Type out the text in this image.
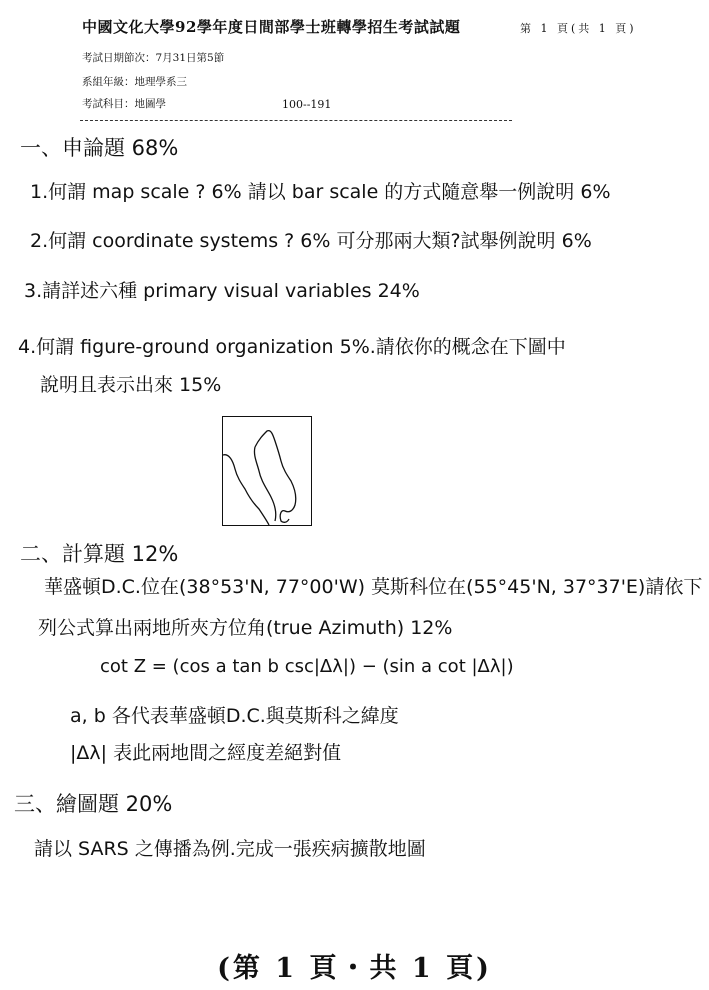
中國文化大學92學年度日間部學士班轉學招生考試試題	第 1 頁(共 1 頁)
考試日期節次：7月31日第5節
系組年級：地理學系三
考試科目：地圖學	100--191
一、申論題 68%
1.何謂 map scale ? 6% 請以 bar scale 的方式隨意舉一例說明 6%
2.何謂 coordinate systems ? 6% 可分那兩大類?試舉例說明 6%
3.請詳述六種 primary visual variables 24%
4.何謂 figure-ground organization 5%.請依你的概念在下圖中
說明且表示出來 15%
二、計算題 12%
華盛頓D.C.位在(38°53'N, 77°00'W) 莫斯科位在(55°45'N, 37°37'E)請依下
列公式算出兩地所夾方位角(true Azimuth) 12%
cot Z = (cos a tan b csc|Δλ|) − (sin a cot |Δλ|)
a, b 各代表華盛頓D.C.與莫斯科之緯度
|Δλ| 表此兩地間之經度差絕對值
三、繪圖題 20%
請以 SARS 之傳播為例.完成一張疾病擴散地圖
(第 1 頁・共 1 頁)
